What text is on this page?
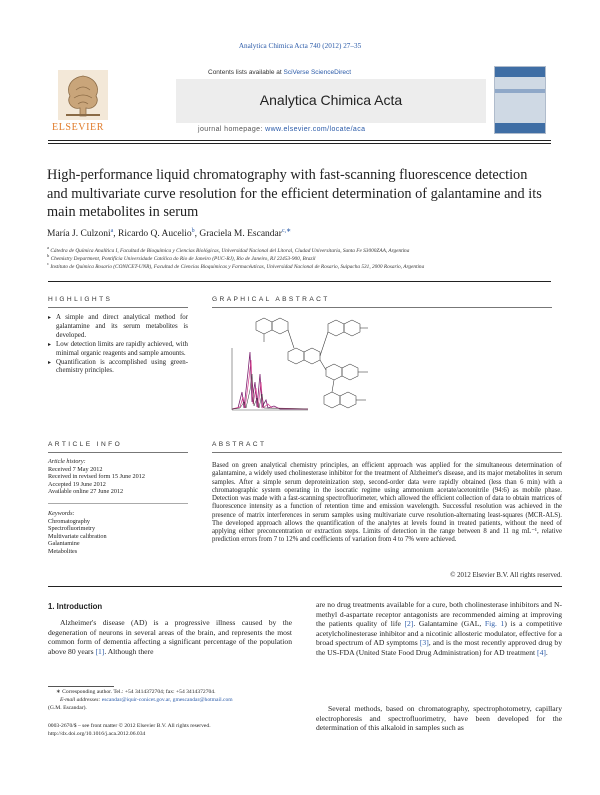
Analytica Chimica Acta 740 (2012) 27–35
ELSEVIER
Contents lists available at SciVerse ScienceDirect
Analytica Chimica Acta
journal homepage: www.elsevier.com/locate/aca
High-performance liquid chromatography with fast-scanning fluorescence detection and multivariate curve resolution for the efficient determination of galantamine and its main metabolites in serum
María J. Culzoni$^a$, Ricardo Q. Aucelio$^b$, Graciela M. Escandar$^{c,∗}$
$^a$ Cátedra de Química Analítica I, Facultad de Bioquímica y Ciencias Biológicas, Universidad Nacional del Litoral, Ciudad Universitaria, Santa Fe S3000ZAA, Argentina
$^b$ Chemistry Department, Pontifícia Universidade Católica do Rio de Janeiro (PUC-RJ), Rio de Janeiro, RJ 22453-900, Brazil
$^c$ Instituto de Química Rosario (CONICET-UNR), Facultad de Ciencias Bioquímicas y Farmacéuticas, Universidad Nacional de Rosario, Suipacha 531, 2000 Rosario, Argentina
HIGHLIGHTS
▸ A simple and direct analytical method for galantamine and its serum metabolites is developed.
▸ Low detection limits are rapidly achieved, with minimal organic reagents and sample amounts.
▸ Quantification is accomplished using green-chemistry principles.
GRAPHICAL ABSTRACT
ARTICLE INFO
Article history:
Received 7 May 2012
Received in revised form 15 June 2012
Accepted 19 June 2012
Available online 27 June 2012
Keywords:
Chromatography
Spectrofluorimetry
Multivariate calibration
Galantamine
Metabolites
ABSTRACT
Based on green analytical chemistry principles, an efficient approach was applied for the simultaneous determination of galantamine, a widely used cholinesterase inhibitor for the treatment of Alzheimer's disease, and its major metabolites in serum samples. After a simple serum deproteinization step, second-order data were rapidly obtained (less than 6 min) with a chromatographic system operating in the isocratic regime using ammonium acetate/acetonitrile (94:6) as mobile phase. Detection was made with a fast-scanning spectrofluorimeter, which allowed the efficient collection of data to obtain matrices of fluorescence intensity as a function of retention time and emission wavelength. Successful resolution was achieved in the presence of matrix interferences in serum samples using multivariate curve resolution-alternating least-squares (MCR-ALS). The developed approach allows the quantification of the analytes at levels found in treated patients, without the need of applying either preconcentration or extraction steps. Limits of detection in the range between 8 and 11 ng mL⁻¹, relative prediction errors from 7 to 12% and coefficients of variation from 4 to 7% were achieved.
© 2012 Elsevier B.V. All rights reserved.
1. Introduction
Alzheimer's disease (AD) is a progressive illness caused by the degeneration of neurons in several areas of the brain, and represents the most common form of dementia affecting a significant percentage of the population above 80 years [1]. Although there
are no drug treatments available for a cure, both cholinesterase inhibitors and N-methyl d-aspartate receptor antagonists are recommended aiming at improving the patients quality of life [2]. Galantamine (GAL, Fig. 1) is a competitive acetylcholinesterase inhibitor and a nicotinic allosteric modulator, effective for a broad spectrum of AD symptoms [3], and is the most recently approved drug by the US-FDA (United State Food Drug Administration) for AD treatment [4].
Several methods, based on chromatography, spectrophotometry, capillary electrophoresis and spectrofluorimetry, have been developed for the determination of this alkaloid in samples such as
∗ Corresponding author. Tel.: +54 3414372704; fax: +54 3414372704.
E-mail addresses: escandar@iquir-conicet.gov.ar, gmescandar@hotmail.com
(G.M. Escandar).
0003-2670/$ – see front matter © 2012 Elsevier B.V. All rights reserved.
http://dx.doi.org/10.1016/j.aca.2012.06.034
